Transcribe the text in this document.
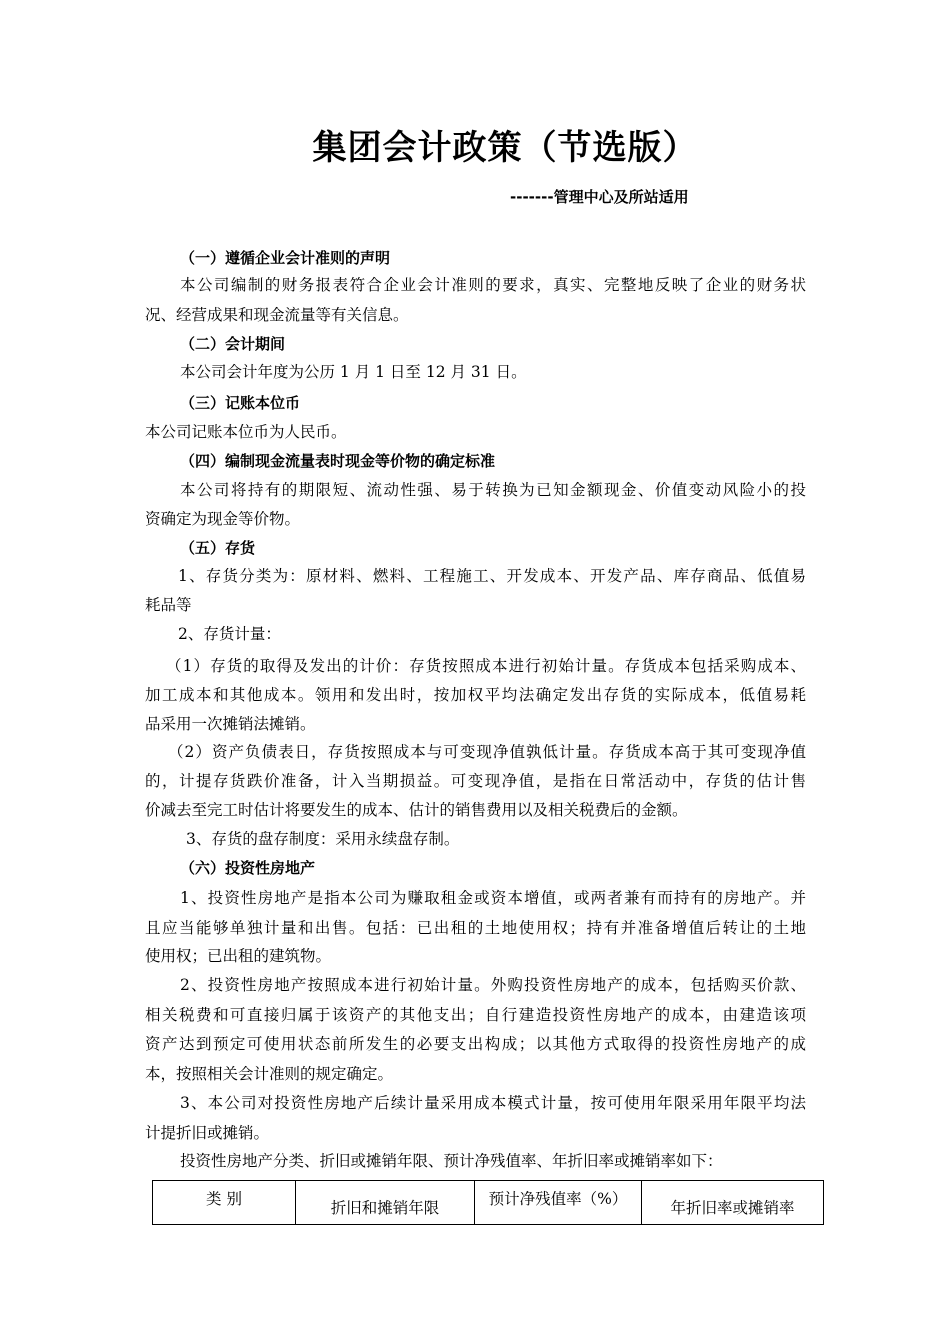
集团会计政策（节选版）
-------管理中心及所站适用
（一）遵循企业会计准则的声明
本公司编制的财务报表符合企业会计准则的要求，真实、完整地反映了企业的财务状
况、经营成果和现金流量等有关信息。
（二）会计期间
本公司会计年度为公历 1 月 1 日至 12 月 31 日。
（三）记账本位币
本公司记账本位币为人民币。
（四）编制现金流量表时现金等价物的确定标准
本公司将持有的期限短、流动性强、易于转换为已知金额现金、价值变动风险小的投
资确定为现金等价物。
（五）存货
1、存货分类为：原材料、燃料、工程施工、开发成本、开发产品、库存商品、低值易
耗品等
2、存货计量：
（1）存货的取得及发出的计价：存货按照成本进行初始计量。存货成本包括采购成本、
加工成本和其他成本。领用和发出时，按加权平均法确定发出存货的实际成本，低值易耗
品采用一次摊销法摊销。
（2）资产负债表日，存货按照成本与可变现净值孰低计量。存货成本高于其可变现净值
的，计提存货跌价准备，计入当期损益。可变现净值，是指在日常活动中，存货的估计售
价减去至完工时估计将要发生的成本、估计的销售费用以及相关税费后的金额。
3、存货的盘存制度：采用永续盘存制。
（六）投资性房地产
1、投资性房地产是指本公司为赚取租金或资本增值，或两者兼有而持有的房地产。并
且应当能够单独计量和出售。包括：已出租的土地使用权；持有并准备增值后转让的土地
使用权；已出租的建筑物。
2、投资性房地产按照成本进行初始计量。外购投资性房地产的成本，包括购买价款、
相关税费和可直接归属于该资产的其他支出；自行建造投资性房地产的成本，由建造该项
资产达到预定可使用状态前所发生的必要支出构成；以其他方式取得的投资性房地产的成
本，按照相关会计准则的规定确定。
3、本公司对投资性房地产后续计量采用成本模式计量，按可使用年限采用年限平均法
计提折旧或摊销。
投资性房地产分类、折旧或摊销年限、预计净残值率、年折旧率或摊销率如下：
类 别	折旧和摊销年限	预计净残值率（%）	年折旧率或摊销率
